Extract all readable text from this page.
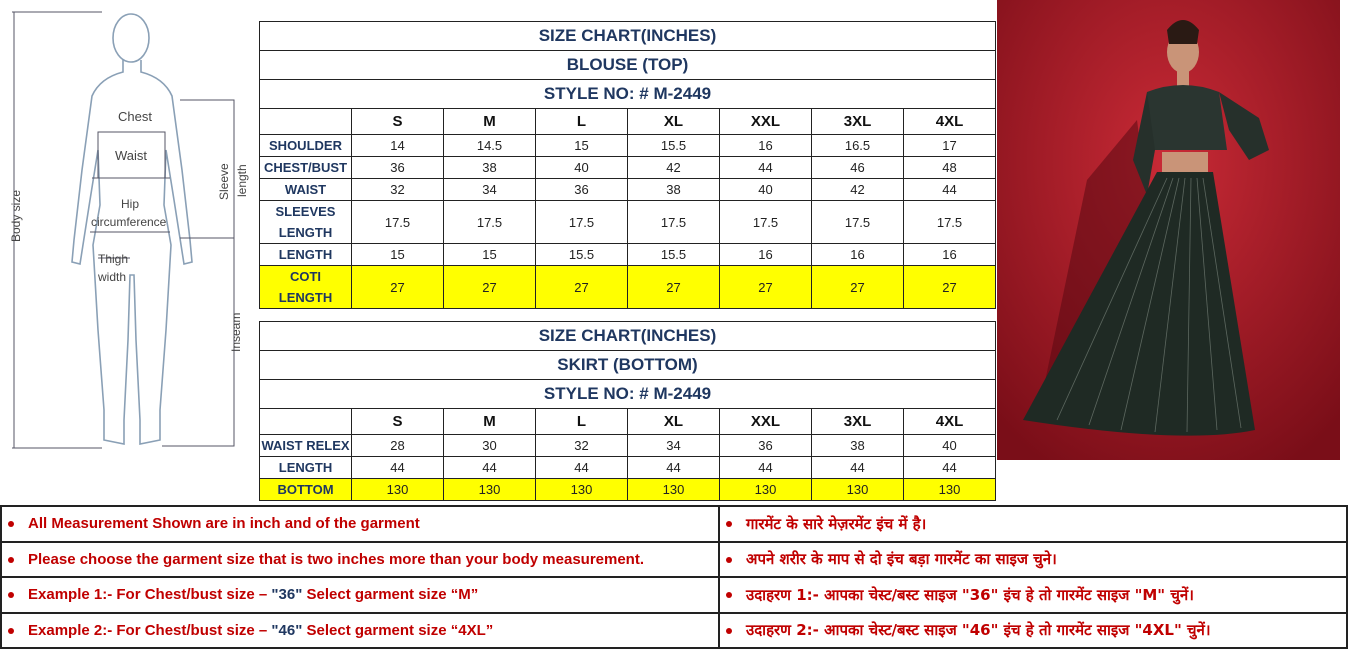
Chest
Waist
Hip
circumference
Thigh
width
Sleeve length
Body size
Inseam
SIZE CHART(INCHES)							
BLOUSE (TOP)							
STYLE NO: # M-2449							
	S	M	L	XL	XXL	3XL	4XL

SHOULDER	14	14.5	15	15.5	16	16.5	17

CHEST/BUST	36	38	40	42	44	46	48

WAIST	32	34	36	38	40	42	44

SLEEVES
LENGTH	17.5	17.5	17.5	17.5	17.5	17.5	17.5

LENGTH	15	15	15.5	15.5	16	16	16

COTI
LENGTH	27	27	27	27	27	27	27
SIZE CHART(INCHES)							
SKIRT (BOTTOM)							
STYLE NO: # M-2449							
	S	M	L	XL	XXL	3XL	4XL

WAIST RELEX	28	30	32	34	36	38	40

LENGTH	44	44	44	44	44	44	44

BOTTOM	130	130	130	130	130	130	130
All Measurement Shown are in inch and of the garment	गारमेंट के सारे मेज़रमेंट इंच में है।
Please choose the garment size that is two inches more than your body measurement.	अपने शरीर के माप से दो इंच बड़ा गारमेंट का साइज चुने।
Example 1:- For Chest/bust size – "36" Select garment size “M”	उदाहरण 1:- आपका चेस्ट/बस्ट साइज "36" इंच हे तो गारमेंट साइज "M" चुनें।
Example 2:- For Chest/bust size – "46" Select garment size “4XL”	उदाहरण 2:- आपका चेस्ट/बस्ट साइज "46" इंच हे तो गारमेंट साइज "4XL" चुनें।
